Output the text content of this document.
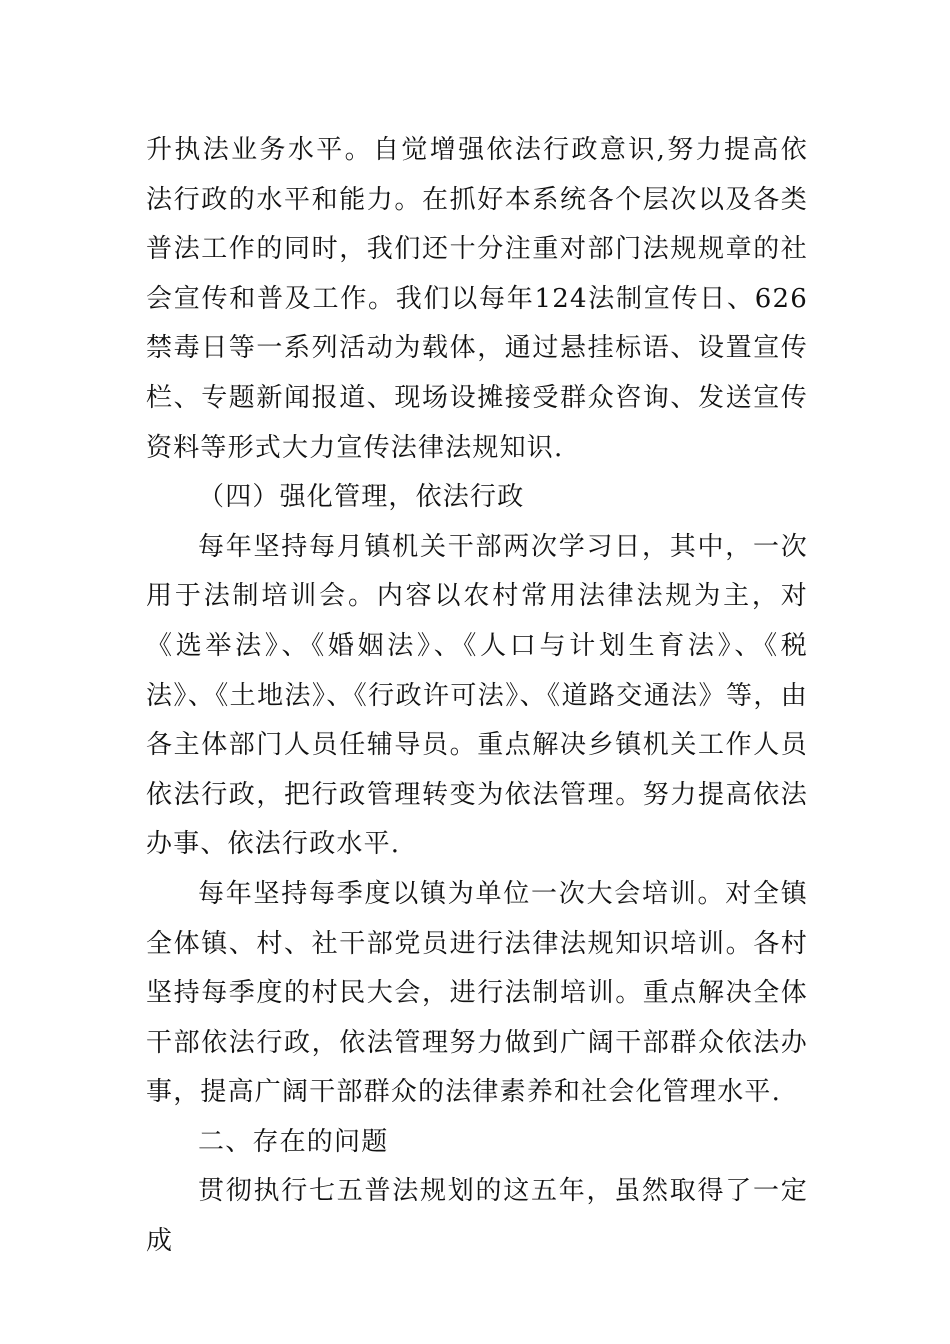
升执法业务水平。自觉增强依法行政意识,努力提高依法行政的水平和能力。在抓好本系统各个层次以及各类普法工作的同时，我们还十分注重对部门法规规章的社会宣传和普及工作。我们以每年124法制宣传日、626禁毒日等一系列活动为载体，通过悬挂标语、设置宣传栏、专题新闻报道、现场设摊接受群众咨询、发送宣传资料等形式大力宣传法律法规知识.

（四）强化管理，依法行政

每年坚持每月镇机关干部两次学习日，其中，一次用于法制培训会。内容以农村常用法律法规为主，对《选举法》、《婚姻法》、《人口与计划生育法》、《税法》、《土地法》、《行政许可法》、《道路交通法》等，由各主体部门人员任辅导员。重点解决乡镇机关工作人员依法行政，把行政管理转变为依法管理。努力提高依法办事、依法行政水平.

每年坚持每季度以镇为单位一次大会培训。对全镇全体镇、村、社干部党员进行法律法规知识培训。各村坚持每季度的村民大会，进行法制培训。重点解决全体干部依法行政，依法管理努力做到广阔干部群众依法办事，提高广阔干部群众的法律素养和社会化管理水平.

二、存在的问题

贯彻执行七五普法规划的这五年，虽然取得了一定成
